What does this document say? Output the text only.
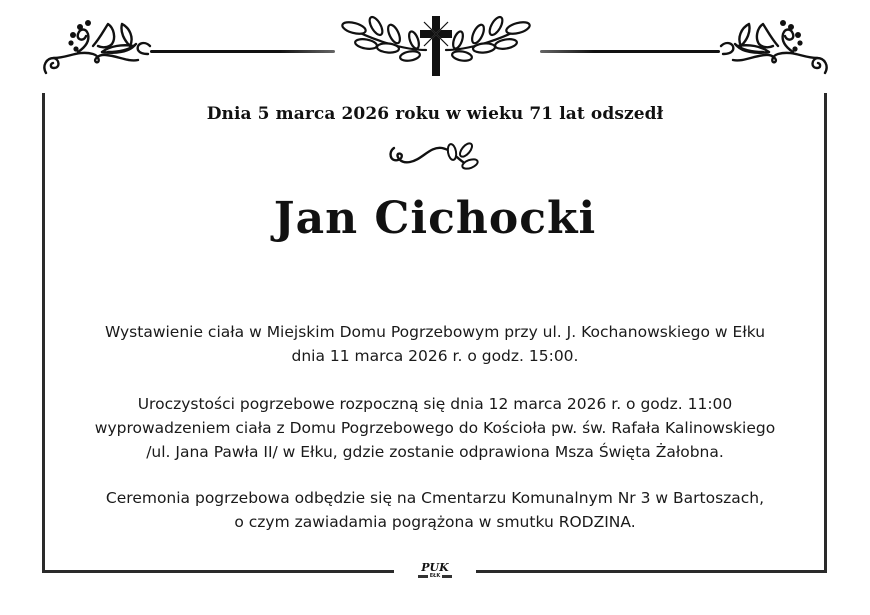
Dnia 5 marca 2026 roku w wieku 71 lat odszedł
Jan Cichocki
Wystawienie ciała w Miejskim Domu Pogrzebowym przy ul. J. Kochanowskiego w Ełku
dnia 11 marca 2026 r. o godz. 15:00.
Uroczystości pogrzebowe rozpoczną się dnia 12 marca 2026 r. o godz. 11:00
wyprowadzeniem ciała z Domu Pogrzebowego do Kościoła pw. św. Rafała Kalinowskiego
/ul. Jana Pawła II/ w Ełku, gdzie zostanie odprawiona Msza Święta Żałobna.
Ceremonia pogrzebowa odbędzie się na Cmentarzu Komunalnym Nr 3 w Bartoszach,
o czym zawiadamia pogrążona w smutku RODZINA.
PUK
EŁK
